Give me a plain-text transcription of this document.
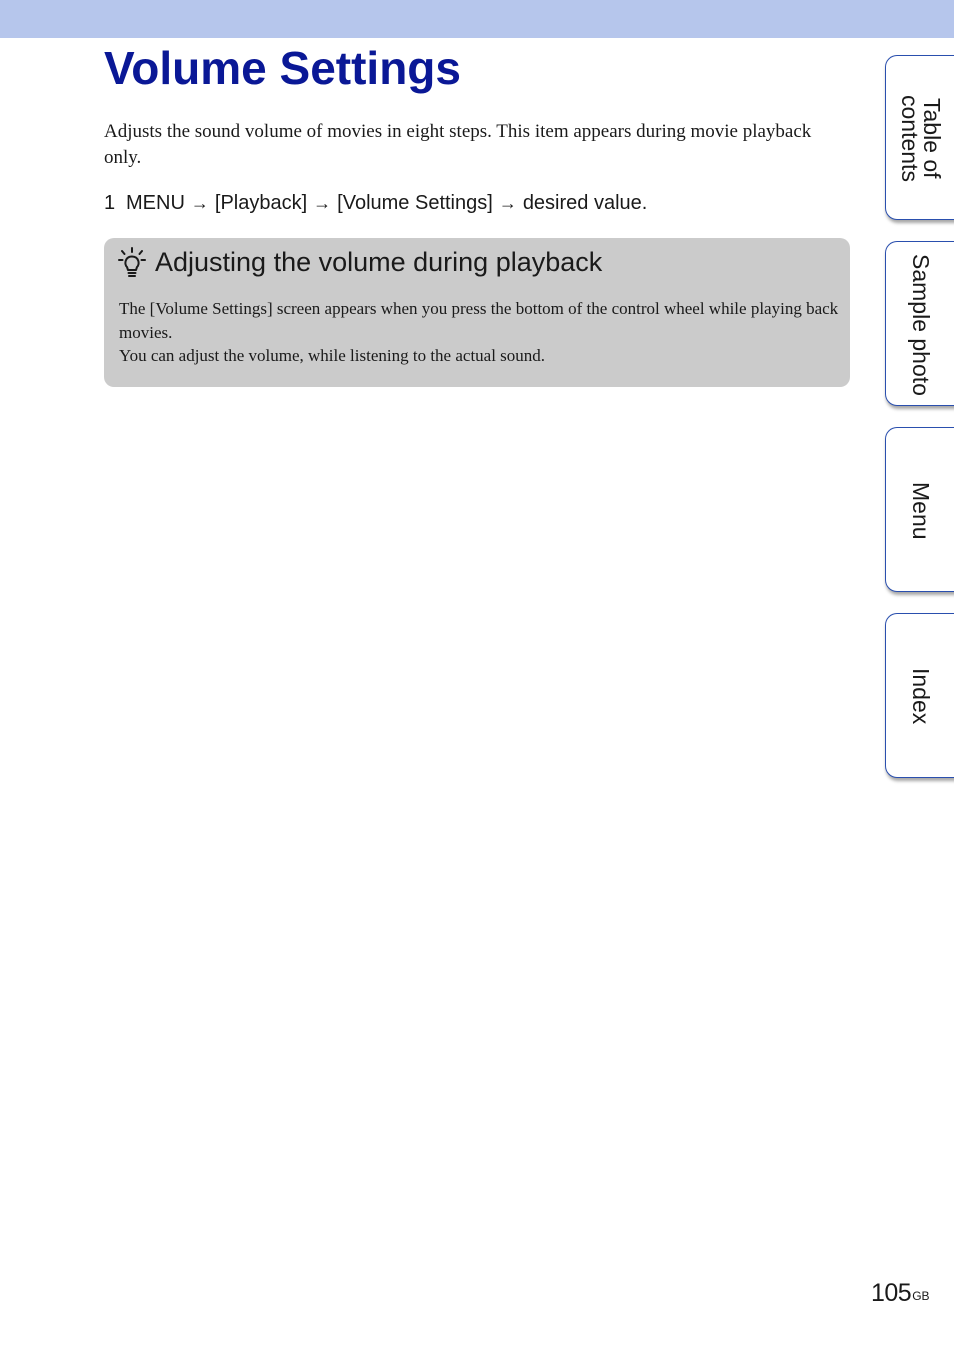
Volume Settings

Adjusts the sound volume of movies in eight steps. This item appears during movie playback only.

1 MENU → [Playback] → [Volume Settings] → desired value.

Adjusting the volume during playback

The [Volume Settings] screen appears when you press the bottom of the control wheel while playing back movies.

You can adjust the volume, while listening to the actual sound.

Table of contents
Sample photo
Menu
Index
$105^{GB}$
